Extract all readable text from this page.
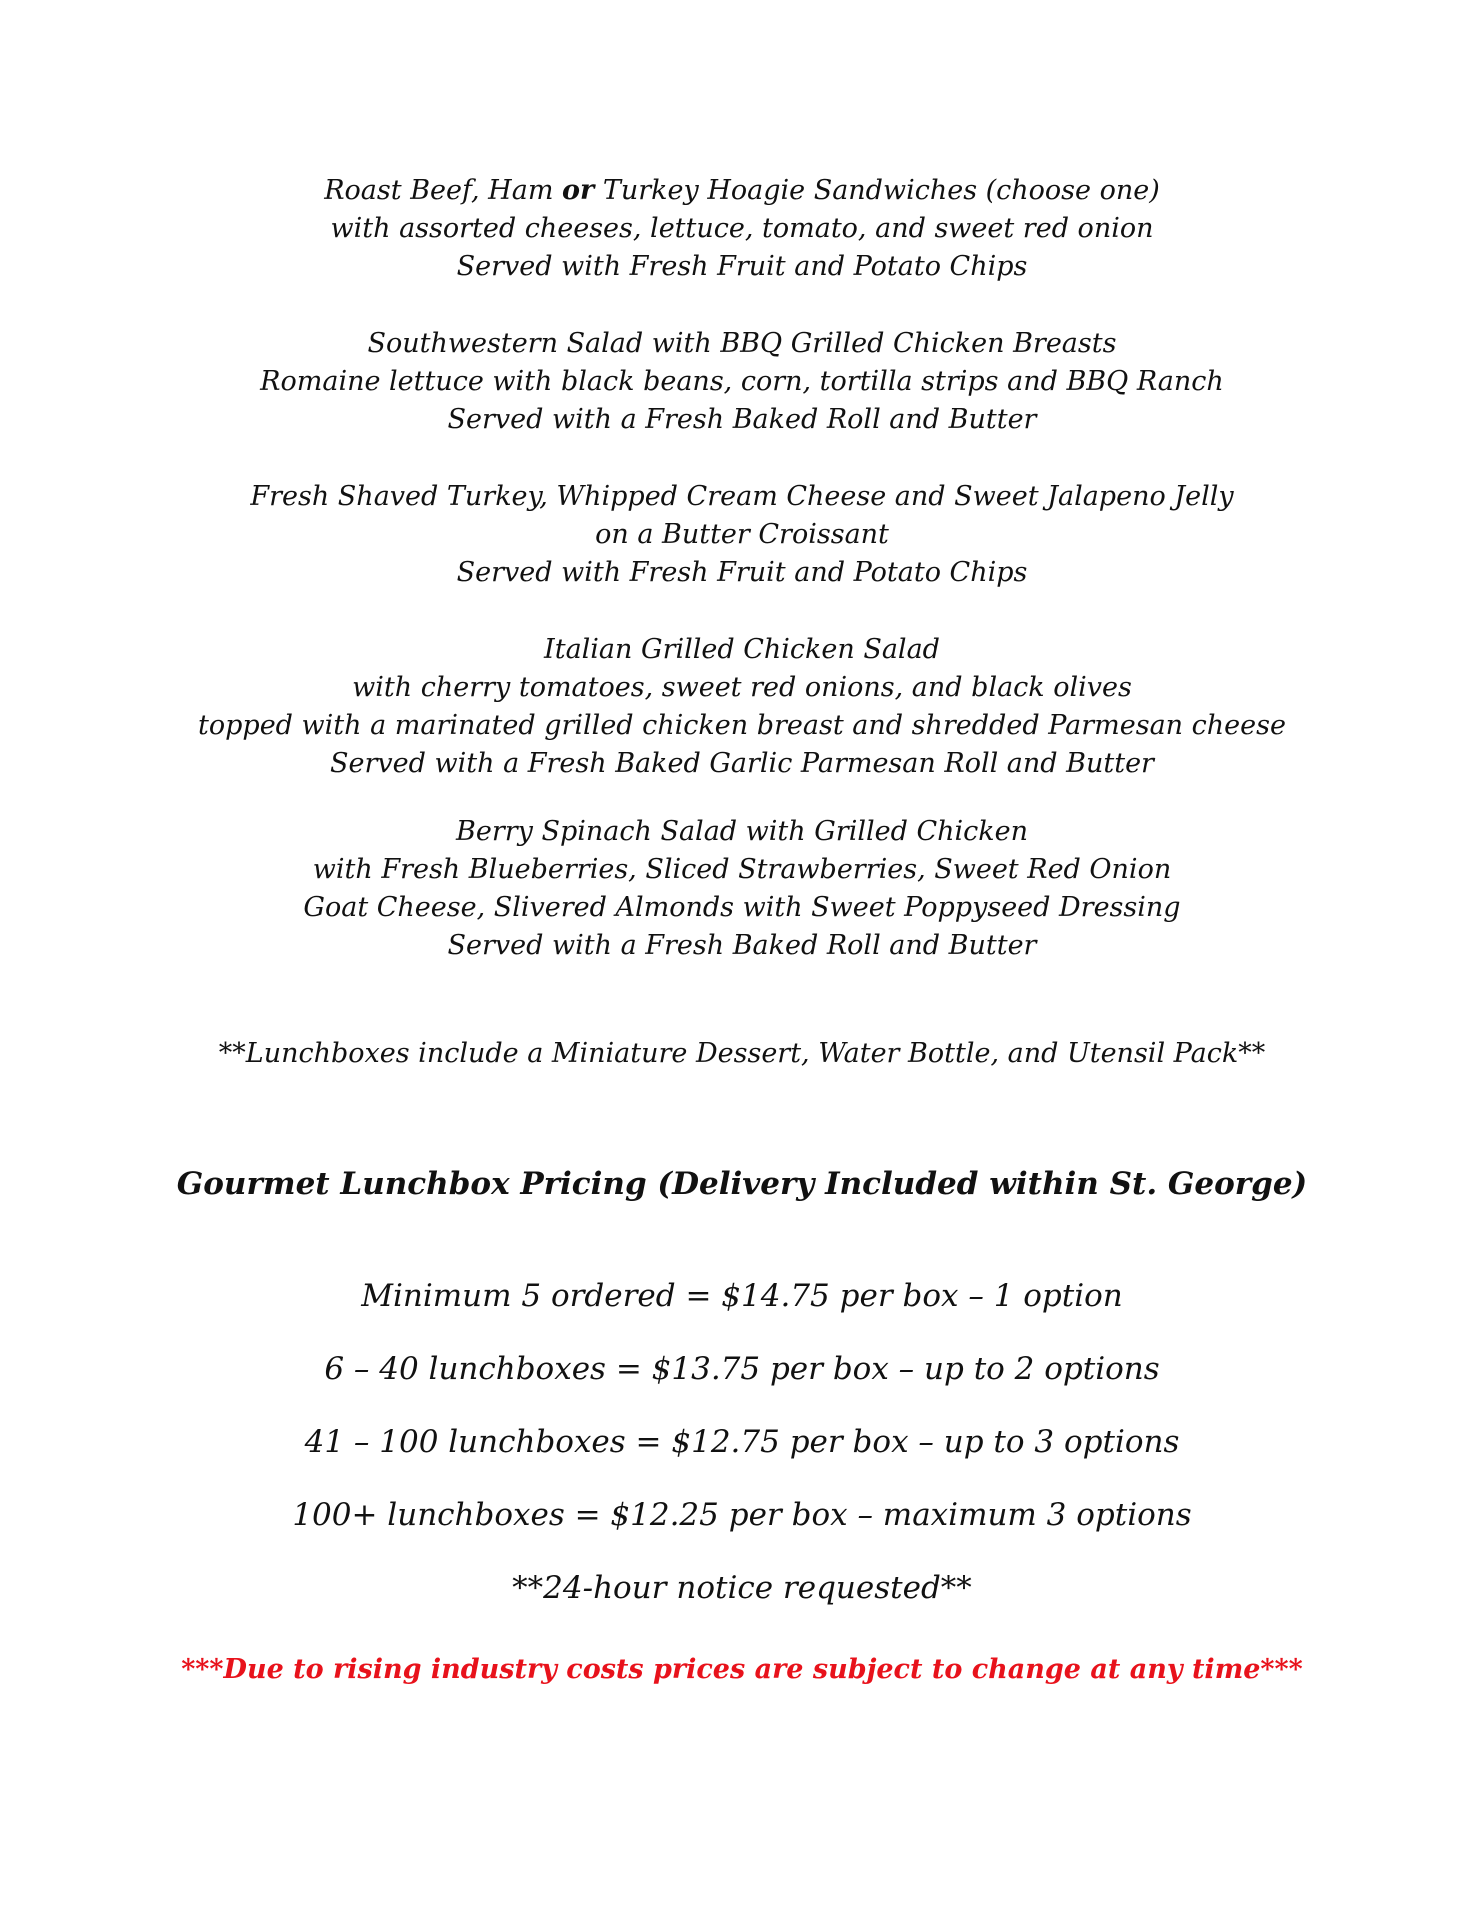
Roast Beef, Ham or Turkey Hoagie Sandwiches (choose one)
with assorted cheeses, lettuce, tomato, and sweet red onion
Served with Fresh Fruit and Potato Chips
Southwestern Salad with BBQ Grilled Chicken Breasts
Romaine lettuce with black beans, corn, tortilla strips and BBQ Ranch
Served with a Fresh Baked Roll and Butter
Fresh Shaved Turkey, Whipped Cream Cheese and Sweet Jalapeno Jelly
on a Butter Croissant
Served with Fresh Fruit and Potato Chips
Italian Grilled Chicken Salad
with cherry tomatoes, sweet red onions, and black olives
topped with a marinated grilled chicken breast and shredded Parmesan cheese
Served with a Fresh Baked Garlic Parmesan Roll and Butter
Berry Spinach Salad with Grilled Chicken
with Fresh Blueberries, Sliced Strawberries, Sweet Red Onion
Goat Cheese, Slivered Almonds with Sweet Poppyseed Dressing
Served with a Fresh Baked Roll and Butter
**Lunchboxes include a Miniature Dessert, Water Bottle, and Utensil Pack**
Gourmet Lunchbox Pricing (Delivery Included within St. George)
Minimum 5 ordered = $14.75 per box – 1 option
6 – 40 lunchboxes = $13.75 per box – up to 2 options
41 – 100 lunchboxes = $12.75 per box – up to 3 options
100+ lunchboxes = $12.25 per box – maximum 3 options
**24-hour notice requested**
***Due to rising industry costs prices are subject to change at any time***
